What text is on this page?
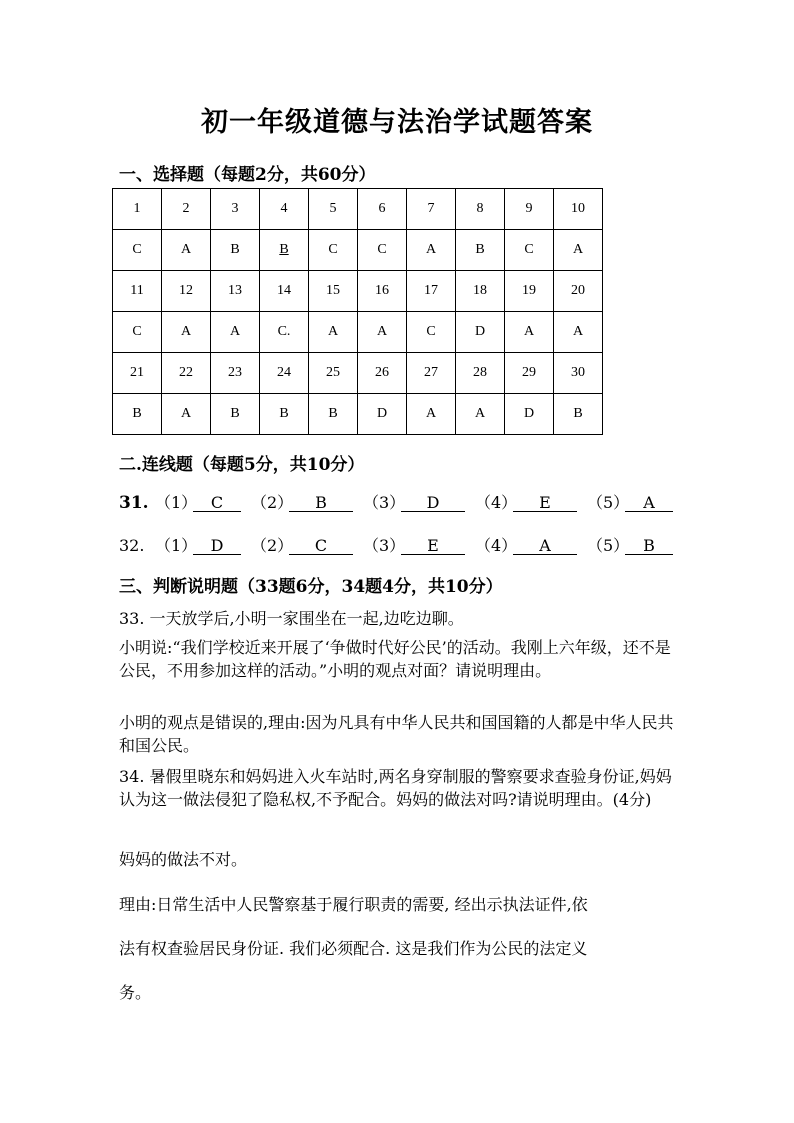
初一年级道德与法治学试题答案
一、选择题（每题2分，共60分）
1	2	3	4	5	6	7	8	9	10
C	A	B	B	C	C	A	B	C	A
11	12	13	14	15	16	17	18	19	20
C	A	A	C.	A	A	C	D	A	A
21	22	23	24	25	26	27	28	29	30
B	A	B	B	B	D	A	A	D	B
二.连线题（每题5分，共10分）
31. （1） C （2） B （3） D （4） E （5） A
32. （1） D （2） C （3） E （4） A （5） B
三、判断说明题（33题6分，34题4分，共10分）
33. 一天放学后,小明一家围坐在一起,边吃边聊。
小明说:“我们学校近来开展了‘争做时代好公民’的活动。我刚上六年级，还不是公民，不用参加这样的活动。”小明的观点对面？请说明理由。
小明的观点是错误的,理由:因为凡具有中华人民共和国国籍的人都是中华人民共和国公民。
34. 暑假里晓东和妈妈进入火车站时,两名身穿制服的警察要求查验身份证,妈妈认为这一做法侵犯了隐私权,不予配合。妈妈的做法对吗?请说明理由。(4分)
妈妈的做法不对。
理由:日常生活中人民警察基于履行职责的需要, 经出示执法证件,依
法有权查验居民身份证. 我们必须配合. 这是我们作为公民的法定义
务。
